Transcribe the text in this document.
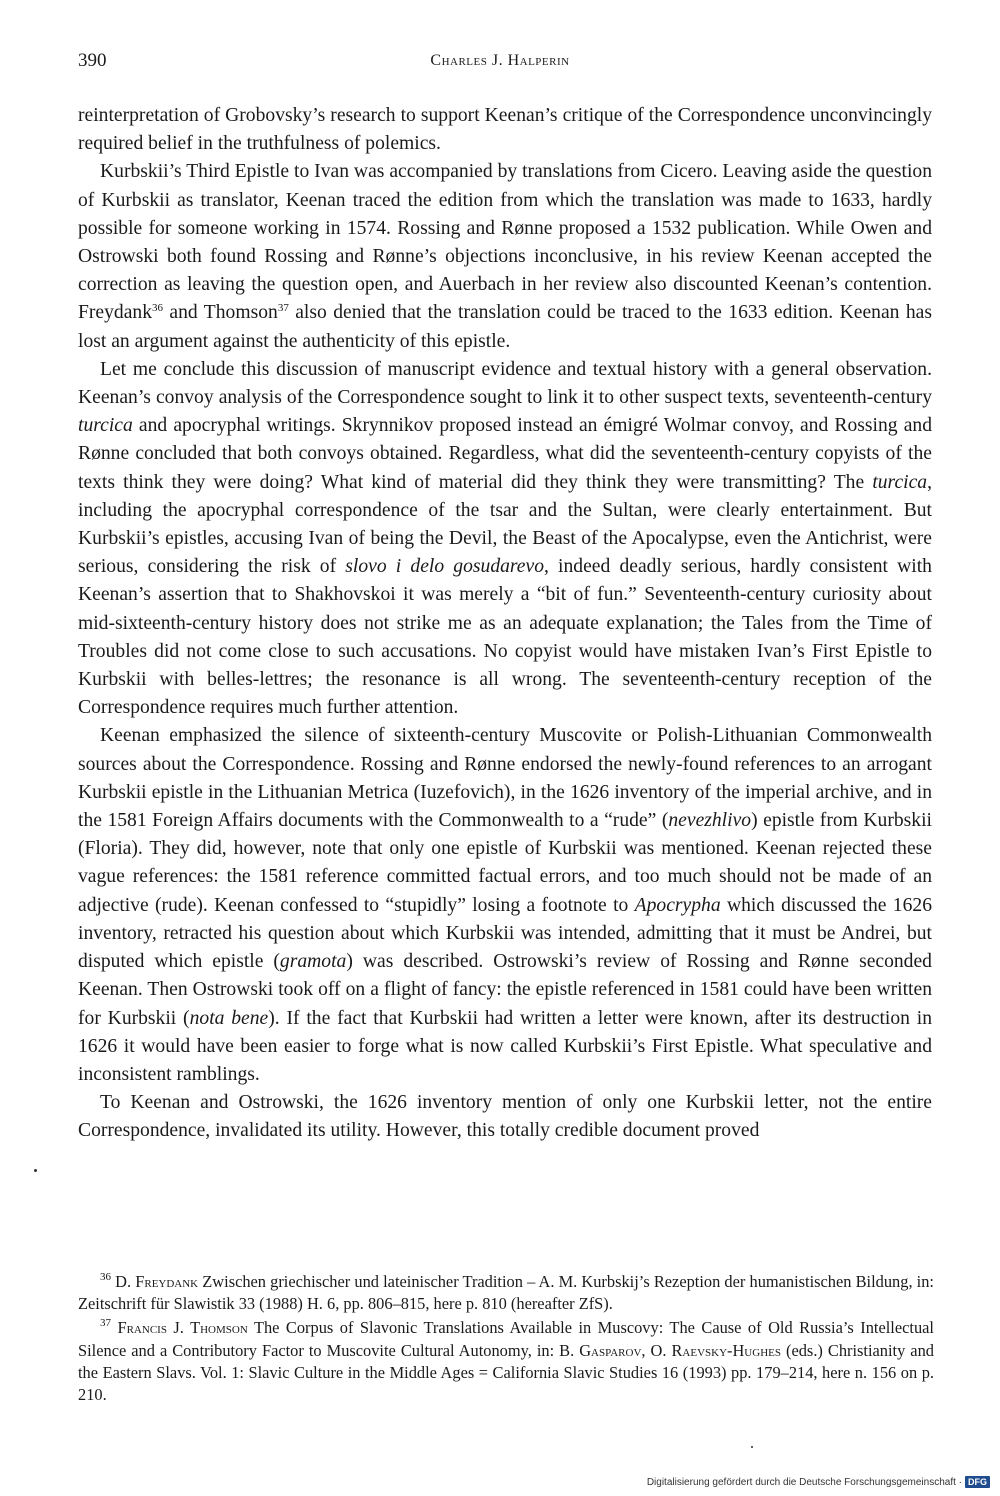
390	Charles J. Halperin

reinterpretation of Grobovsky’s research to support Keenan’s critique of the Correspondence unconvincingly required belief in the truthfulness of polemics.

Kurbskii’s Third Epistle to Ivan was accompanied by translations from Cicero. Leaving aside the question of Kurbskii as translator, Keenan traced the edition from which the translation was made to 1633, hardly possible for someone working in 1574. Rossing and Rønne proposed a 1532 publication. While Owen and Ostrowski both found Rossing and Rønne’s objections inconclusive, in his review Keenan accepted the correction as leaving the question open, and Auerbach in her review also discounted Keenan’s contention. Freydank$^{36}$ and Thomson$^{37}$ also denied that the translation could be traced to the 1633 edition. Keenan has lost an argument against the authenticity of this epistle.

Let me conclude this discussion of manuscript evidence and textual history with a general observation. Keenan’s convoy analysis of the Correspondence sought to link it to other suspect texts, seventeenth-century turcica and apocryphal writings. Skrynnikov proposed instead an émigré Wolmar convoy, and Rossing and Rønne concluded that both convoys obtained. Regardless, what did the seventeenth-century copyists of the texts think they were doing? What kind of material did they think they were transmitting? The turcica, including the apocryphal correspondence of the tsar and the Sultan, were clearly entertainment. But Kurbskii’s epistles, accusing Ivan of being the Devil, the Beast of the Apocalypse, even the Antichrist, were serious, considering the risk of slovo i delo gosudarevo, indeed deadly serious, hardly consistent with Keenan’s assertion that to Shakhovskoi it was merely a “bit of fun.” Seventeenth-century curiosity about mid-sixteenth-century history does not strike me as an adequate explanation; the Tales from the Time of Troubles did not come close to such accusations. No copyist would have mistaken Ivan’s First Epistle to Kurbskii with belles-lettres; the resonance is all wrong. The seventeenth-century reception of the Correspondence requires much further attention.

Keenan emphasized the silence of sixteenth-century Muscovite or Polish-Lithuanian Commonwealth sources about the Correspondence. Rossing and Rønne endorsed the newly-found references to an arrogant Kurbskii epistle in the Lithuanian Metrica (Iuzefovich), in the 1626 inventory of the imperial archive, and in the 1581 Foreign Affairs documents with the Commonwealth to a “rude” (nevezhlivo) epistle from Kurbskii (Floria). They did, however, note that only one epistle of Kurbskii was mentioned. Keenan rejected these vague references: the 1581 reference committed factual errors, and too much should not be made of an adjective (rude). Keenan confessed to “stupidly” losing a footnote to Apocrypha which discussed the 1626 inventory, retracted his question about which Kurbskii was intended, admitting that it must be Andrei, but disputed which epistle (gramota) was described. Ostrowski’s review of Rossing and Rønne seconded Keenan. Then Ostrowski took off on a flight of fancy: the epistle referenced in 1581 could have been written for Kurbskii (nota bene). If the fact that Kurbskii had written a letter were known, after its destruction in 1626 it would have been easier to forge what is now called Kurbskii’s First Epistle. What speculative and inconsistent ramblings.

To Keenan and Ostrowski, the 1626 inventory mention of only one Kurbskii letter, not the entire Correspondence, invalidated its utility. However, this totally credible document proved

$^{36}$ D. Freydank Zwischen griechischer und lateinischer Tradition – A. M. Kurbskij’s Rezeption der humanistischen Bildung, in: Zeitschrift für Slawistik 33 (1988) H. 6, pp. 806–815, here p. 810 (hereafter ZfS).

$^{37}$ Francis J. Thomson The Corpus of Slavonic Translations Available in Muscovy: The Cause of Old Russia’s Intellectual Silence and a Contributory Factor to Muscovite Cultural Autonomy, in: B. Gasparov, O. Raevsky-Hughes (eds.) Christianity and the Eastern Slavs. Vol. 1: Slavic Culture in the Middle Ages = California Slavic Studies 16 (1993) pp. 179–214, here n. 156 on p. 210.

Digitalisierung gefördert durch die Deutsche Forschungsgemeinschaft · DFG
